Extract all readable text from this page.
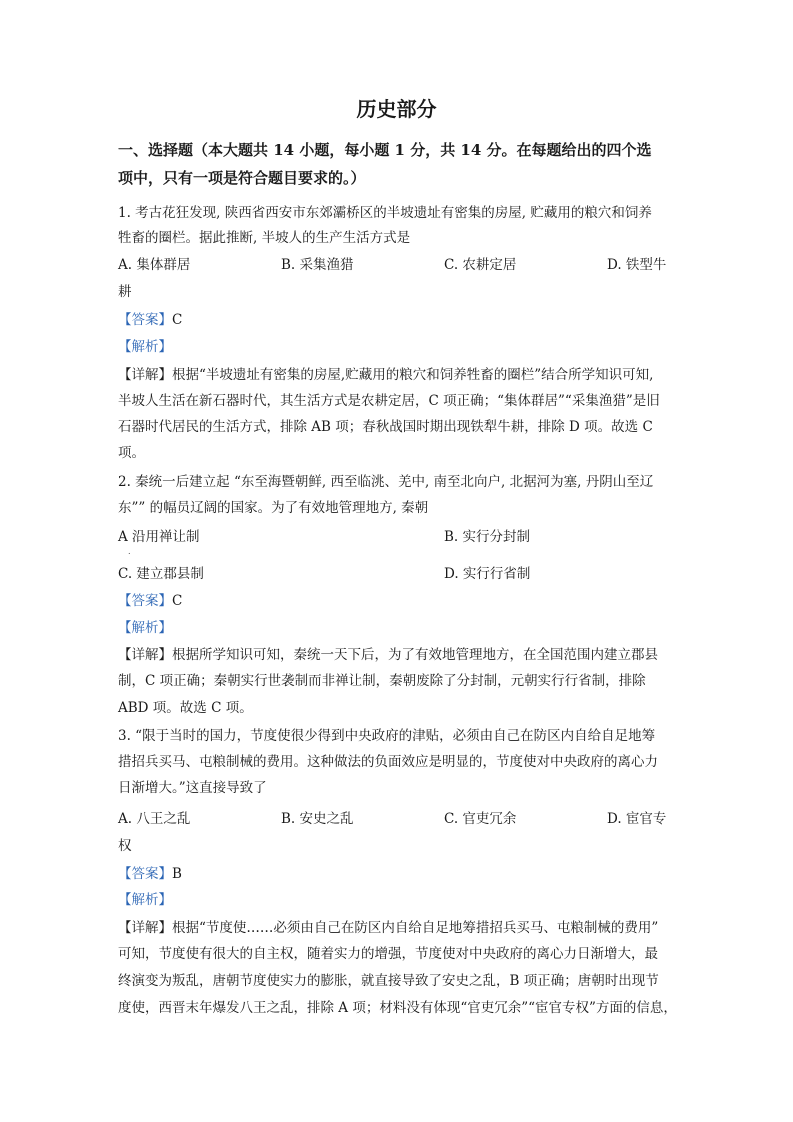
历史部分
一、选择题（本大题共 14 小题，每小题 1 分，共 14 分。在每题给出的四个选
项中，只有一项是符合题目要求的。）
1. 考古花狂发现, 陕西省西安市东郊灞桥区的半坡遗址有密集的房屋, 贮藏用的粮穴和饲养
牲畜的圈栏。据此推断, 半坡人的生产生活方式是
A. 集体群居	B. 采集渔猎	C. 农耕定居	D. 铁型牛
耕
【答案】C
【解析】
【详解】根据“半坡遗址有密集的房屋,贮藏用的粮穴和饲养牲畜的圈栏”结合所学知识可知,
半坡人生活在新石器时代，其生活方式是农耕定居，C 项正确；“集体群居”“采集渔猎”是旧
石器时代居民的生活方式，排除 AB 项；春秋战国时期出现铁犁牛耕，排除 D 项。故选 C
项。
2. 秦统一后建立起 “东至海暨朝鲜, 西至临洮、羌中, 南至北向户, 北据河为塞, 丹阴山至辽
东”” 的幅员辽阔的国家。为了有效地管理地方, 秦朝
A 沿用禅让制
.
B. 实行分封制
C. 建立郡县制	D. 实行行省制
【答案】C
【解析】
【详解】根据所学知识可知，秦统一天下后，为了有效地管理地方，在全国范围内建立郡县
制，C 项正确；秦朝实行世袭制而非禅让制，秦朝废除了分封制，元朝实行行省制，排除
ABD 项。故选 C 项。
3. “限于当时的国力，节度使很少得到中央政府的津贴，必须由自己在防区内自给自足地筹
措招兵买马、屯粮制械的费用。这种做法的负面效应是明显的，节度使对中央政府的离心力
日渐增大。”这直接导致了
A. 八王之乱	B. 安史之乱	C. 官吏冗余	D. 宦官专
权
【答案】B
【解析】
【详解】根据“节度使……必须由自己在防区内自给自足地筹措招兵买马、屯粮制械的费用”
可知，节度使有很大的自主权，随着实力的增强，节度使对中央政府的离心力日渐增大，最
终演变为叛乱，唐朝节度使实力的膨胀，就直接导致了安史之乱，B 项正确；唐朝时出现节
度使，西晋末年爆发八王之乱，排除 A 项；材料没有体现“官吏冗余”“宦官专权”方面的信息，
